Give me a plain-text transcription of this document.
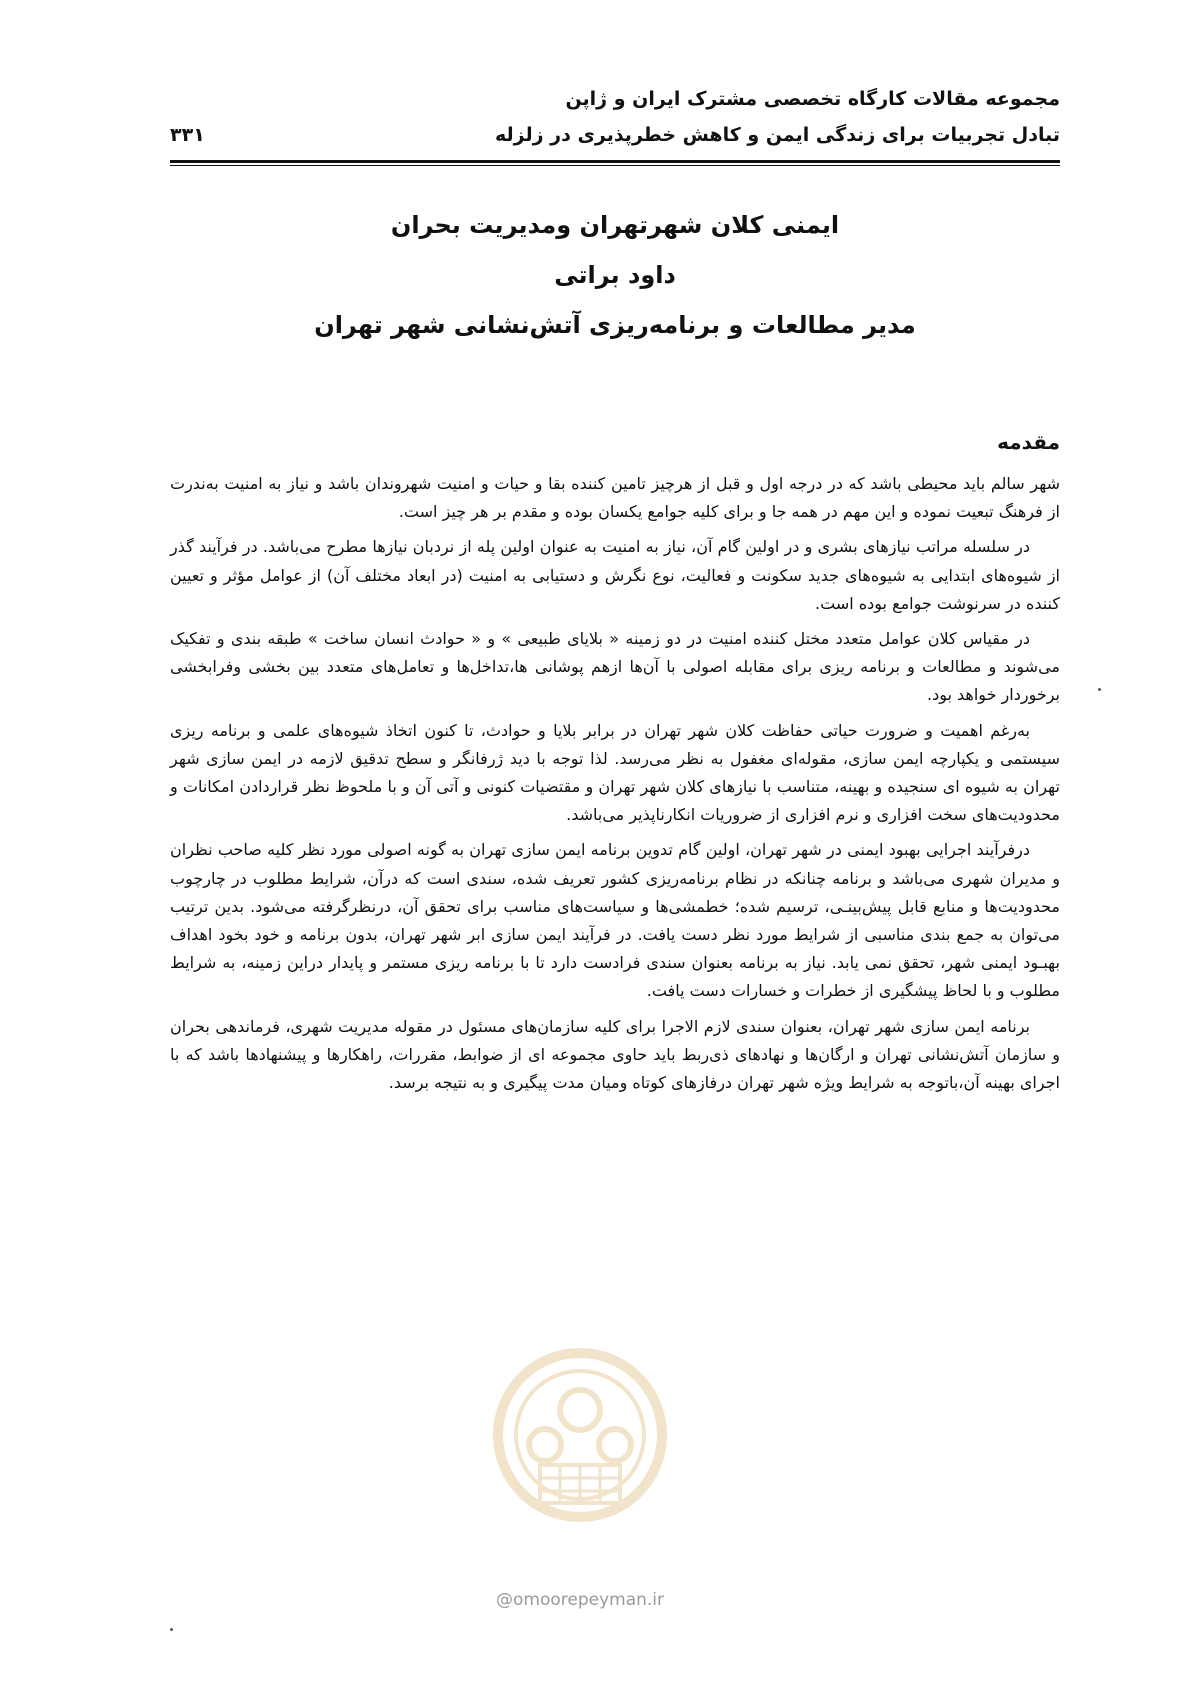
مجموعه مقالات کارگاه تخصصی مشترک ایران و ژاپن
تبادل تجربیات برای زندگی ایمن و کاهش خطرپذیری در زلزله
۳۳۱
ایمنی کلان شهرتهران ومدیریت بحران
داود براتی
مدیر مطالعات و برنامه‌ریزی آتش‌نشانی شهر تهران
مقدمه

شهر سالم باید محیطی باشد که در درجه اول و قبل از هرچیز تامین کننده بقا و حیات و امنیت شهروندان باشد و نیاز به امنیت به‌ندرت از فرهنگ تبعیت نموده و این مهم در همه جا و برای کلیه جوامع یکسان بوده و مقدم بر هر چیز است.

در سلسله مراتب نیازهای بشری و در اولین گام آن، نیاز به امنیت به عنوان اولین پله از نردبان نیازها مطرح می‌باشد. در فرآیند گذر از شیوه‌های ابتدایی به شیوه‌های جدید سکونت و فعالیت، نوع نگرش و دستیابی به امنیت (در ابعاد مختلف آن) از عوامل مؤثر و تعیین کننده در سرنوشت جوامع بوده است.

در مقیاس کلان عوامل متعدد مختل کننده امنیت در دو زمینه « بلایای طبیعی » و « حوادث انسان ساخت » طبقه بندی و تفکیک می‌شوند و مطالعات و برنامه ریزی برای مقابله اصولی با آن‌ها ازهم پوشانی ها،تداخل‌ها و تعامل‌های متعدد بین بخشی وفرابخشی برخوردار خواهد بود.

به‌رغم اهمیت و ضرورت حیاتی حفاظت کلان شهر تهران در برابر بلایا و حوادث، تا کنون اتخاذ شیوه‌های علمی و برنامه ریزی سیستمی و یکپارچه ایمن سازی، مقوله‌ای مغفول به نظر می‌رسد. لذا توجه با دید ژرفانگر و سطح تدقیق لازمه در ایمن سازی شهر تهران به شیوه ای سنجیده و بهینه، متناسب با نیازهای کلان شهر تهران و مقتضیات کنونی و آتی آن و با ملحوظ نظر قراردادن امکانات و محدودیت‌های سخت افزاری و نرم افزاری از ضروریات انکارناپذیر می‌باشد.

درفرآیند اجرایی بهبود ایمنی در شهر تهران، اولین گام تدوین برنامه ایمن سازی تهران به گونه اصولی مورد نظر کلیه صاحب نظران و مدیران شهری می‌باشد و برنامه چنانکه در نظام برنامه‌ریزی کشور تعریف شده، سندی است که درآن، شرایط مطلوب در چارچوب محدودیت‌ها و منابع قابل پیش‌بینـی، ترسیم شده؛ خطمشی‌ها و سیاست‌های مناسب برای تحقق آن، درنظرگرفته می‌شود. بدین ترتیب می‌توان به جمع بندی مناسبی از شرایط مورد نظر دست یافت. در فرآیند ایمن سازی ابر شهر تهران، بدون برنامه و خود بخود اهداف بهبـود ایمنی شهر، تحقق نمی یابد. نیاز به برنامه بعنوان سندی فرادست دارد تا با برنامه ریزی مستمر و پایدار دراین زمینه، به شرایط مطلوب و با لحاظ پیشگیری از خطرات و خسارات دست یافت.

برنامه ایمن سازی شهر تهران، بعنوان سندی لازم الاجرا برای کلیه سازمان‌های مسئول در مقوله مدیریت شهری، فرماندهی بحران و سازمان آتش‌نشانی تهران و ارگان‌ها و نهادهای ذی‌ربط باید حاوی مجموعه ای از ضوابط، مقررات، راهکارها و پیشنهادها باشد که با اجرای بهینه آن،باتوجه به شرایط ویژه شهر تهران درفازهای کوتاه ومیان مدت پیگیری و به نتیجه برسد.

@omoorepeyman.ir
